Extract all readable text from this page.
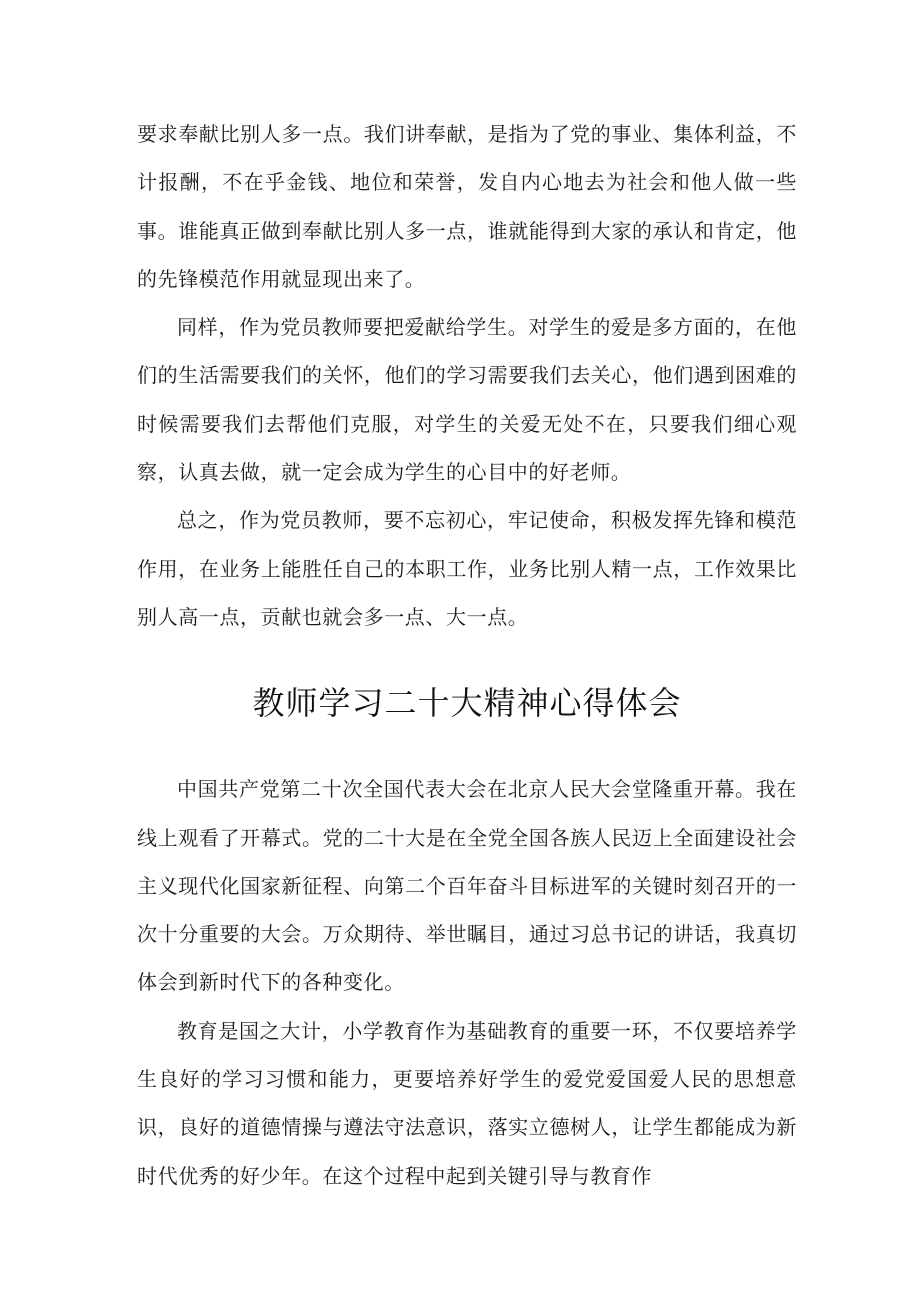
要求奉献比别人多一点。我们讲奉献，是指为了党的事业、集体利益，不计报酬，不在乎金钱、地位和荣誉，发自内心地去为社会和他人做一些事。谁能真正做到奉献比别人多一点，谁就能得到大家的承认和肯定，他的先锋模范作用就显现出来了。

同样，作为党员教师要把爱献给学生。对学生的爱是多方面的，在他们的生活需要我们的关怀，他们的学习需要我们去关心，他们遇到困难的时候需要我们去帮他们克服，对学生的关爱无处不在，只要我们细心观察，认真去做，就一定会成为学生的心目中的好老师。

总之，作为党员教师，要不忘初心，牢记使命，积极发挥先锋和模范作用，在业务上能胜任自己的本职工作，业务比别人精一点，工作效果比别人高一点，贡献也就会多一点、大一点。

教师学习二十大精神心得体会

中国共产党第二十次全国代表大会在北京人民大会堂隆重开幕。我在线上观看了开幕式。党的二十大是在全党全国各族人民迈上全面建设社会主义现代化国家新征程、向第二个百年奋斗目标进军的关键时刻召开的一次十分重要的大会。万众期待、举世瞩目，通过习总书记的讲话，我真切体会到新时代下的各种变化。

教育是国之大计，小学教育作为基础教育的重要一环，不仅要培养学生良好的学习习惯和能力，更要培养好学生的爱党爱国爱人民的思想意识，良好的道德情操与遵法守法意识，落实立德树人，让学生都能成为新时代优秀的好少年。在这个过程中起到关键引导与教育作
